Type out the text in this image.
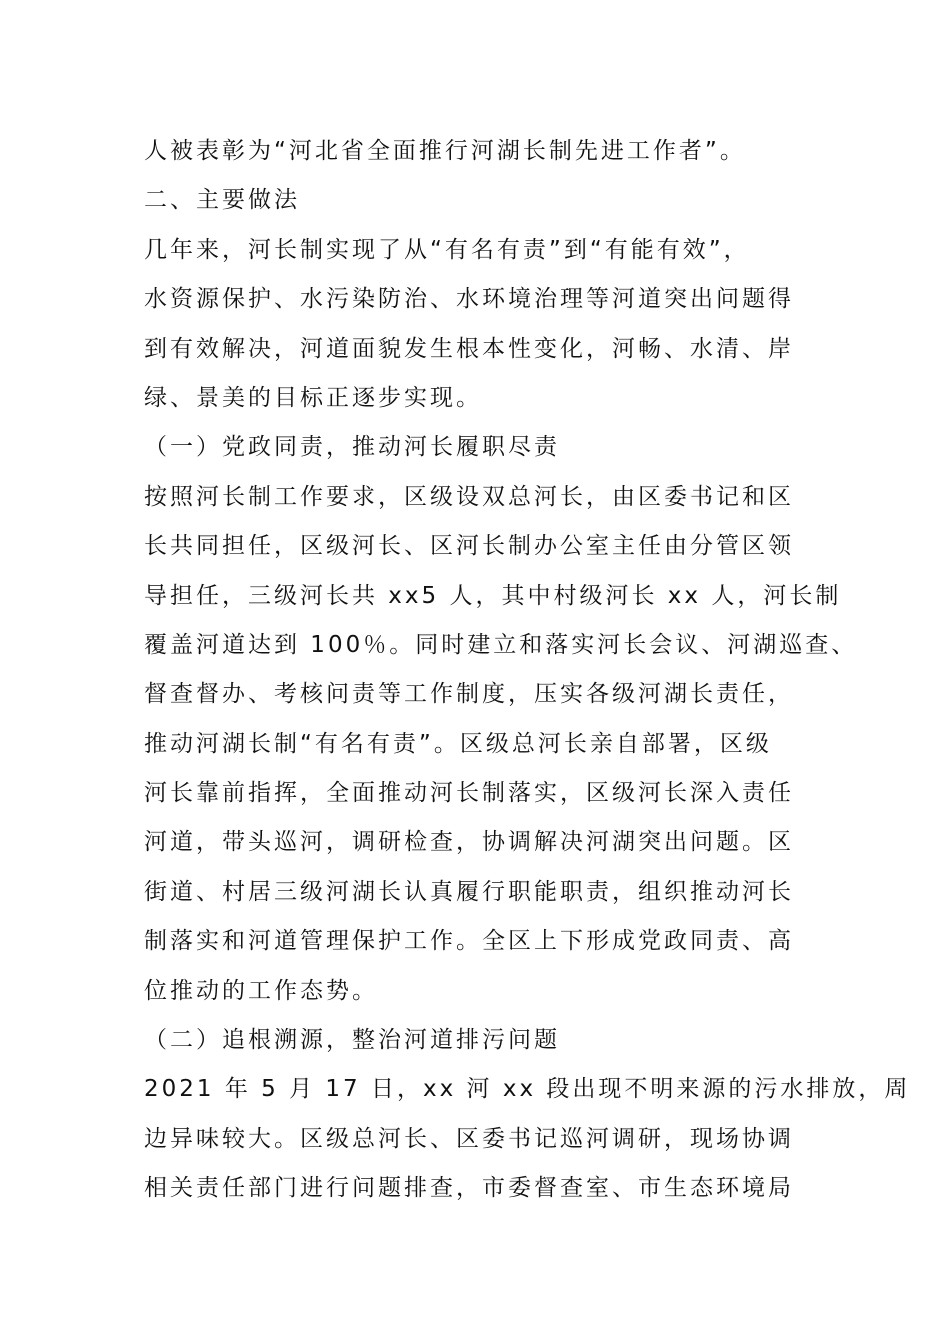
人被表彰为“河北省全面推行河湖长制先进工作者”。
二、主要做法
几年来，河长制实现了从“有名有责”到“有能有效”，
水资源保护、水污染防治、水环境治理等河道突出问题得
到有效解决，河道面貌发生根本性变化，河畅、水清、岸
绿、景美的目标正逐步实现。
（一）党政同责，推动河长履职尽责
按照河长制工作要求，区级设双总河长，由区委书记和区
长共同担任，区级河长、区河长制办公室主任由分管区领
导担任，三级河长共 xx5 人，其中村级河长 xx 人，河长制
覆盖河道达到 100％。同时建立和落实河长会议、河湖巡查、
督查督办、考核问责等工作制度，压实各级河湖长责任，
推动河湖长制“有名有责”。区级总河长亲自部署，区级
河长靠前指挥，全面推动河长制落实，区级河长深入责任
河道，带头巡河，调研检查，协调解决河湖突出问题。区
街道、村居三级河湖长认真履行职能职责，组织推动河长
制落实和河道管理保护工作。全区上下形成党政同责、高
位推动的工作态势。
（二）追根溯源，整治河道排污问题
2021 年 5 月 17 日，xx 河 xx 段出现不明来源的污水排放，周
边异味较大。区级总河长、区委书记巡河调研，现场协调
相关责任部门进行问题排查，市委督查室、市生态环境局
